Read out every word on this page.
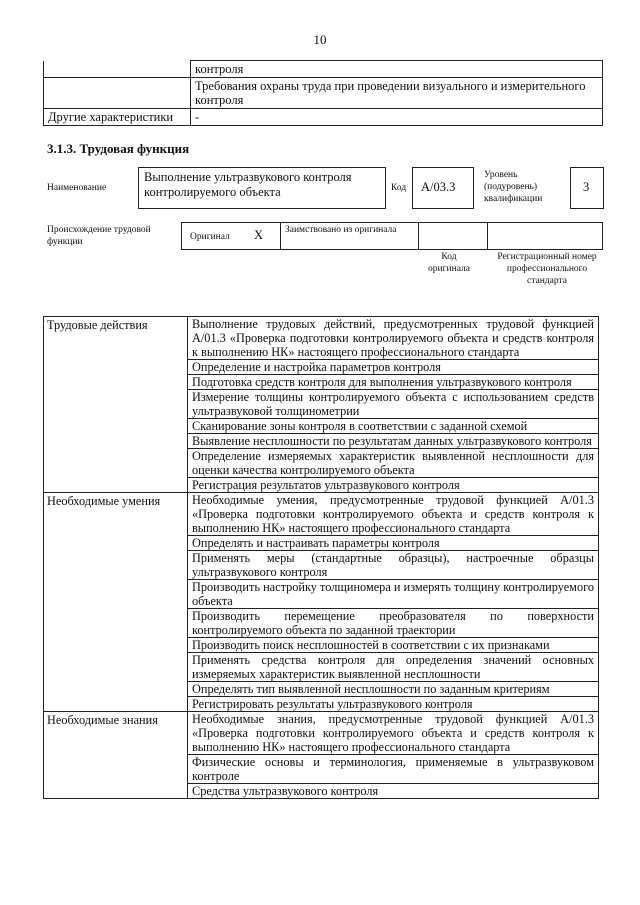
10
	контроля
	Требования охраны труда при проведении визуального и измерительного контроля
Другие характеристики	-
3.1.3. Трудовая функция
Наименование
Выполнение ультразвукового контроля контролируемого объекта	Код	А/03.3
Уровень (подуровень) квалификации
3
Происхождение трудовой функции	Оригинал X Заимствовано из оригинала
Код оригинала
Регистрационный номер профессионального стандарта
Трудовые действия	Выполнение трудовых действий, предусмотренных трудовой функцией А/01.3 «Проверка подготовки контролируемого объекта и средств контроля к выполнению НК» настоящего профессионального стандарта
	Определение и настройка параметров контроля
	Подготовка средств контроля для выполнения ультразвукового контроля
	Измерение толщины контролируемого объекта с использованием средств ультразвуковой толщинометрии
	Сканирование зоны контроля в соответствии с заданной схемой
	Выявление несплошности по результатам данных ультразвукового контроля
	Определение измеряемых характеристик выявленной несплошности для оценки качества контролируемого объекта
	Регистрация результатов ультразвукового контроля
Необходимые умения	Необходимые умения, предусмотренные трудовой функцией А/01.3 «Проверка подготовки контролируемого объекта и средств контроля к выполнению НК» настоящего профессионального стандарта
	Определять и настраивать параметры контроля
	Применять меры (стандартные образцы), настроечные образцы ультразвукового контроля
	Производить настройку толщиномера и измерять толщину контролируемого объекта
	Производить перемещение преобразователя по поверхности контролируемого объекта по заданной траектории
	Производить поиск несплошностей в соответствии с их признаками
	Применять средства контроля для определения значений основных измеряемых характеристик выявленной несплошности
	Определять тип выявленной несплошности по заданным критериям
	Регистрировать результаты ультразвукового контроля
Необходимые знания	Необходимые знания, предусмотренные трудовой функцией А/01.3 «Проверка подготовки контролируемого объекта и средств контроля к выполнению НК» настоящего профессионального стандарта
	Физические основы и терминология, применяемые в ультразвуковом контроле
	Средства ультразвукового контроля
